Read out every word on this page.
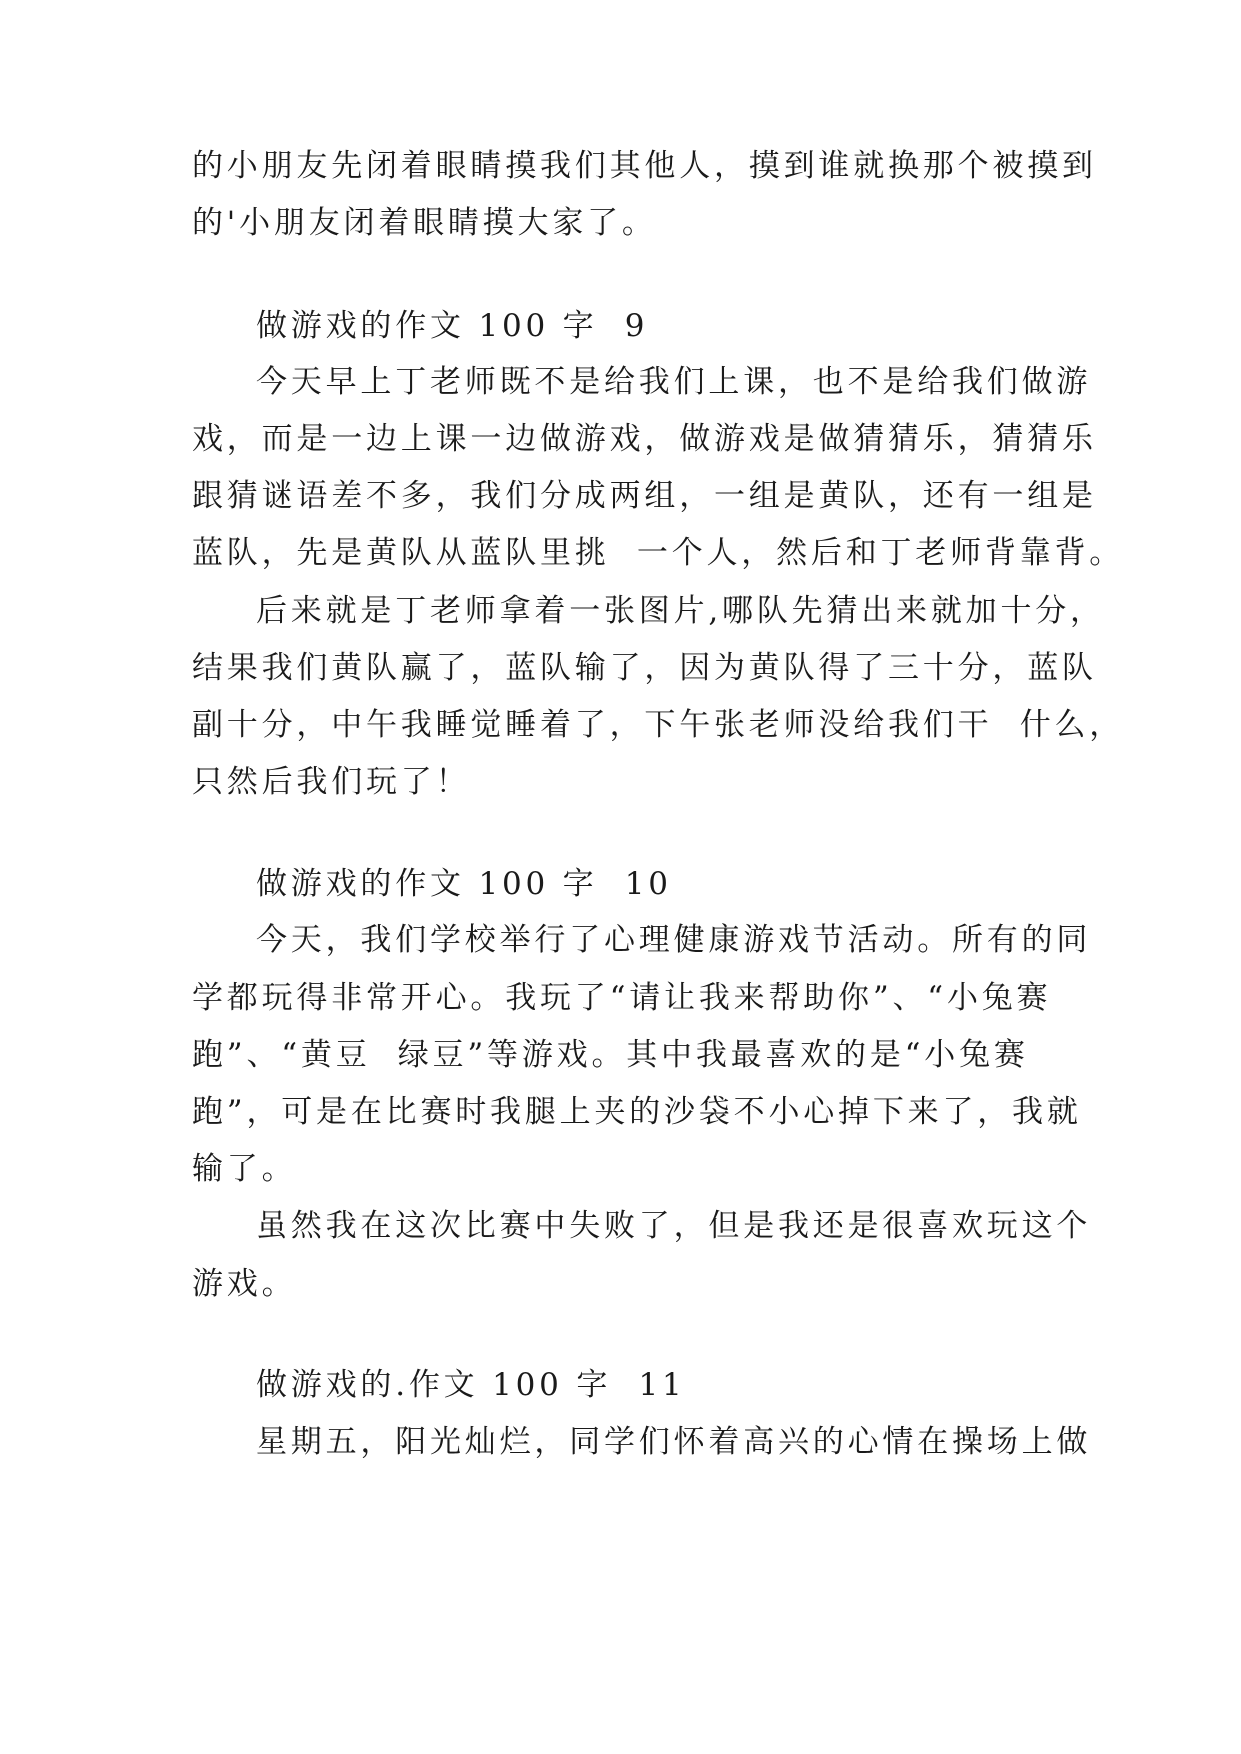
的小朋友先闭着眼睛摸我们其他人，摸到谁就换那个被摸到
的'小朋友闭着眼睛摸大家了。
做游戏的作文 100 字  9
今天早上丁老师既不是给我们上课，也不是给我们做游
戏，而是一边上课一边做游戏，做游戏是做猜猜乐，猜猜乐
跟猜谜语差不多，我们分成两组，一组是黄队，还有一组是
蓝队，先是黄队从蓝队里挑  一个人，然后和丁老师背靠背。
后来就是丁老师拿着一张图片,哪队先猜出来就加十分，
结果我们黄队赢了，蓝队输了，因为黄队得了三十分，蓝队
副十分，中午我睡觉睡着了，下午张老师没给我们干  什么，
只然后我们玩了！
做游戏的作文 100 字  10
今天，我们学校举行了心理健康游戏节活动。所有的同
学都玩得非常开心。我玩了“请让我来帮助你”、“小兔赛
跑”、“黄豆  绿豆”等游戏。其中我最喜欢的是“小兔赛
跑”，可是在比赛时我腿上夹的沙袋不小心掉下来了，我就
输了。
虽然我在这次比赛中失败了，但是我还是很喜欢玩这个
游戏。
做游戏的.作文 100 字  11
星期五，阳光灿烂，同学们怀着高兴的心情在操场上做
